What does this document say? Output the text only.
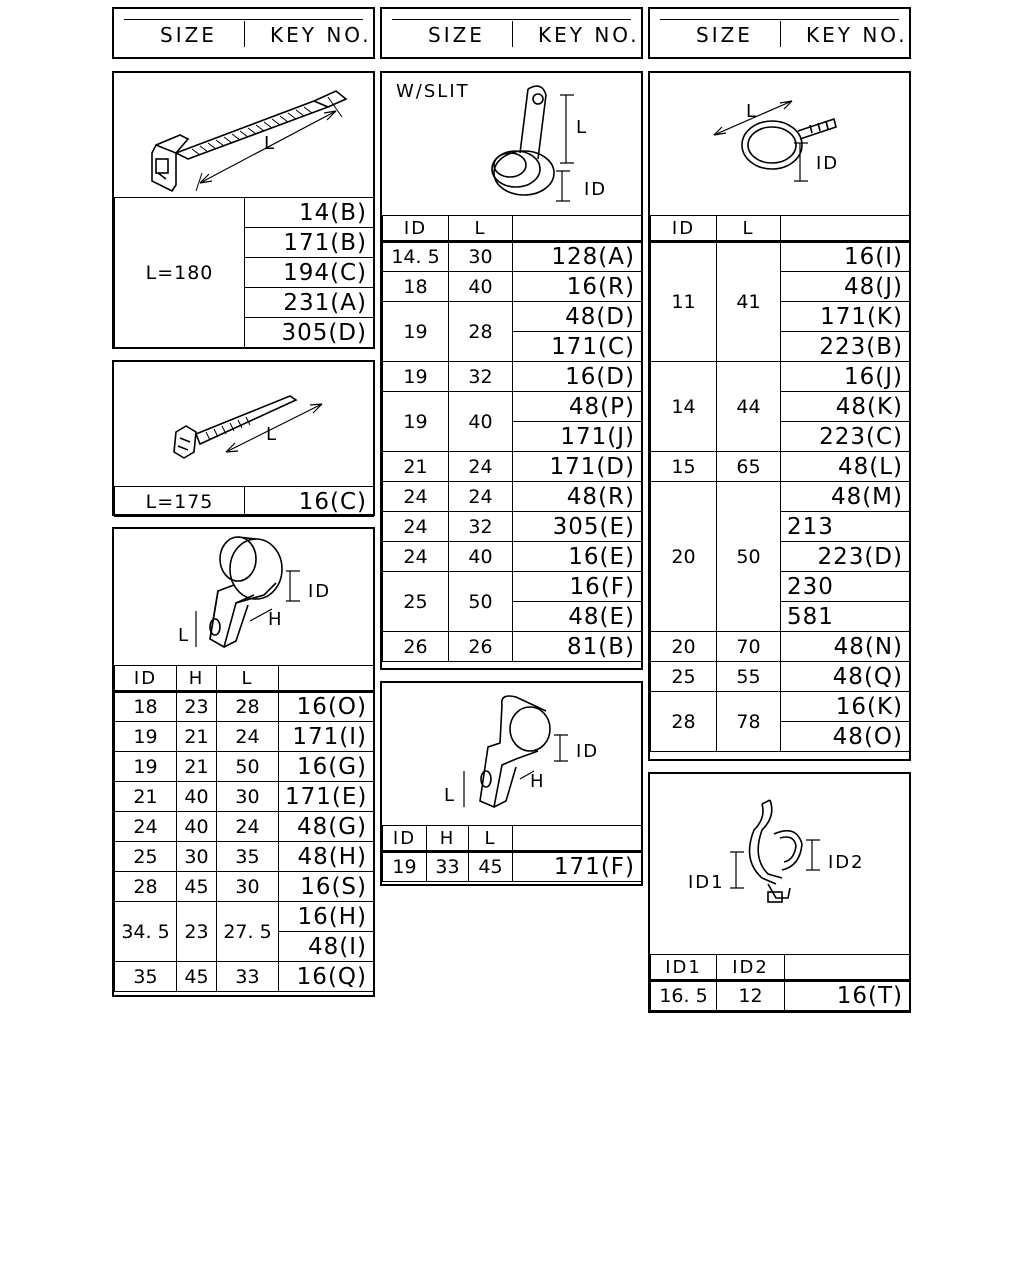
SIZE	KEY NO.	SIZE	KEY NO.	SIZE	KEY NO.
L
L=180	14(B)
171(B)
194(C)
231(A)
305(D)
L
L=175	16(C)
ID
H
L
ID	H	L	
18	23	28	16(O)
19	21	24	171(I)
19	21	50	16(G)
21	40	30	171(E)
24	40	24	48(G)
25	30	35	48(H)
28	45	30	16(S)
34. 5	23	27. 5	16(H)
			48(I)
35	45	33	16(Q)
W/SLIT
L
ID
ID	L	
14. 5	30	128(A)
18	40	16(R)
19	28	48(D)
		171(C)
19	32	16(D)
19	40	48(P)
		171(J)
21	24	171(D)
24	24	48(R)
24	32	305(E)
24	40	16(E)
25	50	16(F)
		48(E)
26	26	81(B)
ID
H
L
ID	H	L	
19	33	45	171(F)
L
ID
ID	L	
11	41	16(I)
		48(J)
		171(K)
		223(B)
14	44	16(J)
		48(K)
		223(C)
15	65	48(L)
20	50	48(M)
		213
		223(D)
		230
		581
20	70	48(N)
25	55	48(Q)
28	78	16(K)
		48(O)
ID1
ID2
ID1	ID2	
16. 5	12	16(T)
